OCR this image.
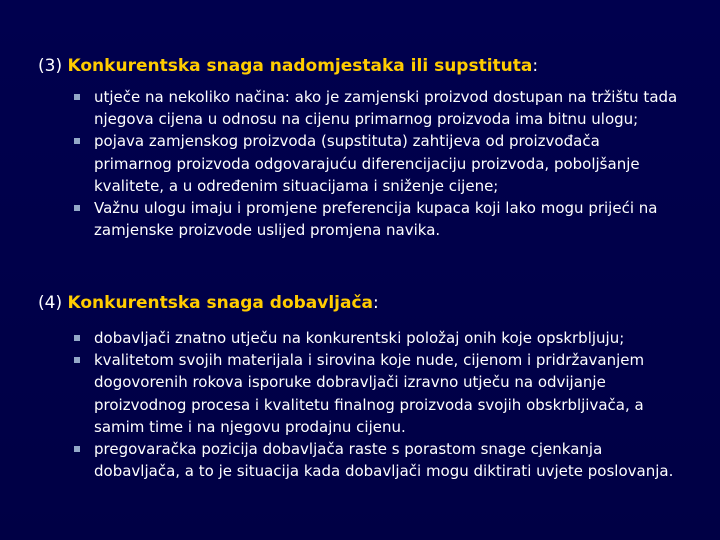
(3) Konkurentska snaga nadomjestaka ili supstituta:
utječe na nekoliko načina: ako je zamjenski proizvod dostupan na tržištu tada njegova cijena u odnosu na cijenu primarnog proizvoda ima bitnu ulogu;
pojava zamjenskog proizvoda (supstituta) zahtijeva od proizvođača primarnog proizvoda odgovarajuću diferencijaciju proizvoda, poboljšanje kvalitete, a u određenim situacijama i sniženje cijene;
Važnu ulogu imaju i promjene preferencija kupaca koji lako mogu prijeći na zamjenske proizvode uslijed promjena navika.
(4) Konkurentska snaga dobavljača:
dobavljači znatno utječu na konkurentski položaj onih koje opskrbljuju;
kvalitetom svojih materijala i sirovina koje nude, cijenom i pridržavanjem dogovorenih rokova isporuke dobravljači izravno utječu na odvijanje proizvodnog procesa i kvalitetu finalnog proizvoda svojih obskrbljivača, a samim time i na njegovu prodajnu cijenu.
pregovaračka pozicija dobavljača raste s porastom snage cjenkanja dobavljača, a to je situacija kada dobavljači mogu diktirati uvjete poslovanja.
